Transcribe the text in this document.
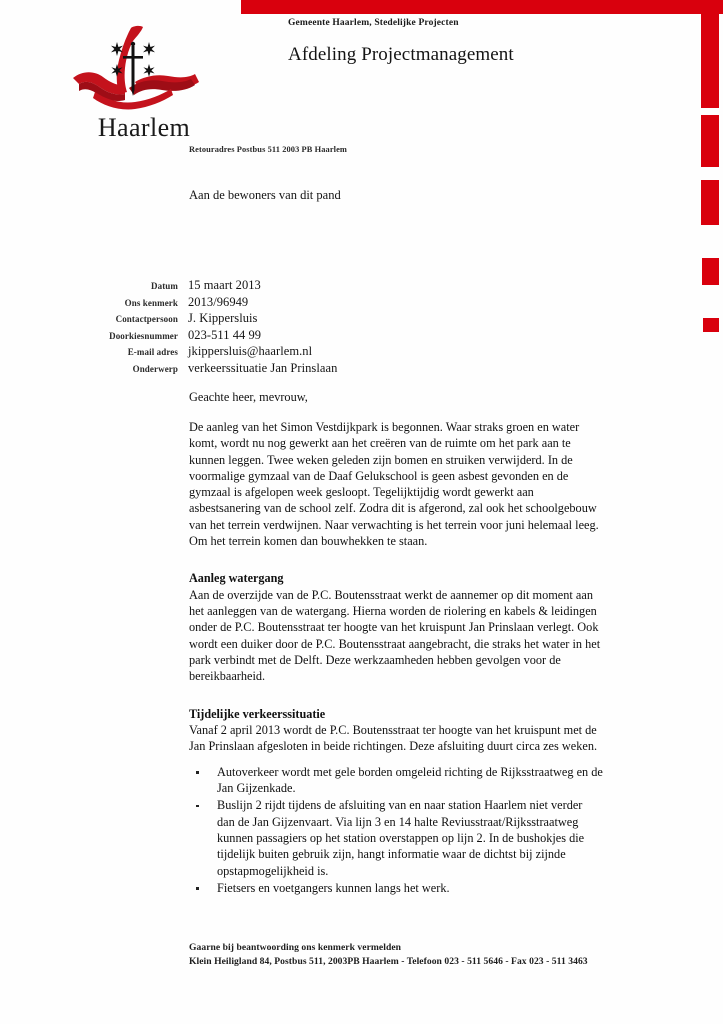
Haarlem
Gemeente Haarlem, Stedelijke Projecten
Afdeling Projectmanagement
Retouradres Postbus 511 2003 PB Haarlem
Aan de bewoners van dit pand
Datum 15 maart 2013
Ons kenmerk 2013/96949
Contactpersoon J. Kippersluis
Doorkiesnummer 023-511 44 99
E-mail adres jkippersluis@haarlem.nl
Onderwerp verkeerssituatie Jan Prinslaan

Geachte heer, mevrouw,

De aanleg van het Simon Vestdijkpark is begonnen. Waar straks groen en water komt, wordt nu nog gewerkt aan het creëren van de ruimte om het park aan te kunnen leggen. Twee weken geleden zijn bomen en struiken verwijderd. In de voormalige gymzaal van de Daaf Gelukschool is geen asbest gevonden en de gymzaal is afgelopen week gesloopt. Tegelijktijdig wordt gewerkt aan asbestsanering van de school zelf. Zodra dit is afgerond, zal ook het schoolgebouw van het terrein verdwijnen. Naar verwachting is het terrein voor juni helemaal leeg. Om het terrein komen dan bouwhekken te staan.

Aanleg watergang

Aan de overzijde van de P.C. Boutensstraat werkt de aannemer op dit moment aan het aanleggen van de watergang. Hierna worden de riolering en kabels & leidingen onder de P.C. Boutensstraat ter hoogte van het kruispunt Jan Prinslaan verlegt. Ook wordt een duiker door de P.C. Boutensstraat aangebracht, die straks het water in het park verbindt met de Delft. Deze werkzaamheden hebben gevolgen voor de bereikbaarheid.

Tijdelijke verkeerssituatie

Vanaf 2 april 2013 wordt de P.C. Boutensstraat ter hoogte van het kruispunt met de Jan Prinslaan afgesloten in beide richtingen. Deze afsluiting duurt circa zes weken.

Autoverkeer wordt met gele borden omgeleid richting de Rijksstraatweg en de Jan Gijzenkade.
Buslijn 2 rijdt tijdens de afsluiting van en naar station Haarlem niet verder dan de Jan Gijzenvaart. Via lijn 3 en 14 halte Reviusstraat/Rijksstraatweg kunnen passagiers op het station overstappen op lijn 2. In de bushokjes die tijdelijk buiten gebruik zijn, hangt informatie waar de dichtst bij zijnde opstapmogelijkheid is.
Fietsers en voetgangers kunnen langs het werk.
Gaarne bij beantwoording ons kenmerk vermelden
Klein Heiligland 84, Postbus 511, 2003PB Haarlem - Telefoon 023 - 511 5646 - Fax 023 - 511 3463
